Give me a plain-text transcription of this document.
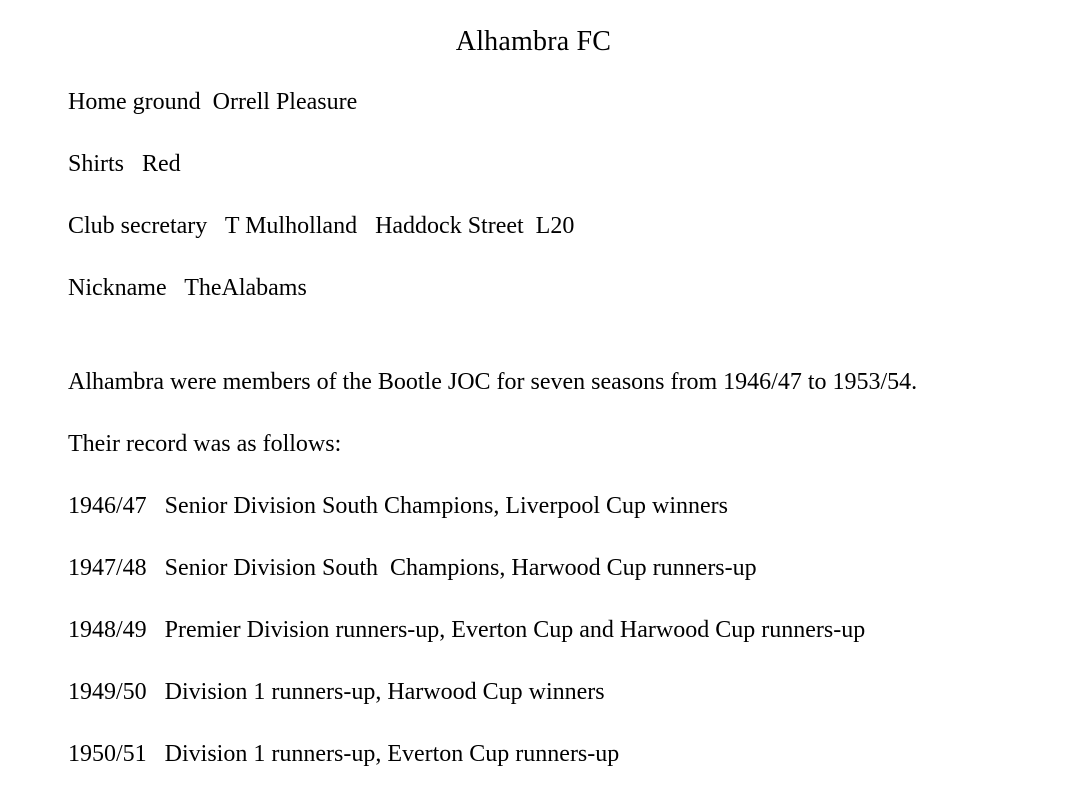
Alhambra FC

Home ground  Orrell Pleasure

Shirts   Red

Club secretary   T Mulholland   Haddock Street  L20

Nickname   TheAlabams

Alhambra were members of the Bootle JOC for seven seasons from 1946/47 to 1953/54.

Their record was as follows:

1946/47   Senior Division South Champions, Liverpool Cup winners
1947/48   Senior Division South  Champions, Harwood Cup runners-up
1948/49   Premier Division runners-up, Everton Cup and Harwood Cup runners-up
1949/50   Division 1 runners-up, Harwood Cup winners
1950/51   Division 1 runners-up, Everton Cup runners-up
